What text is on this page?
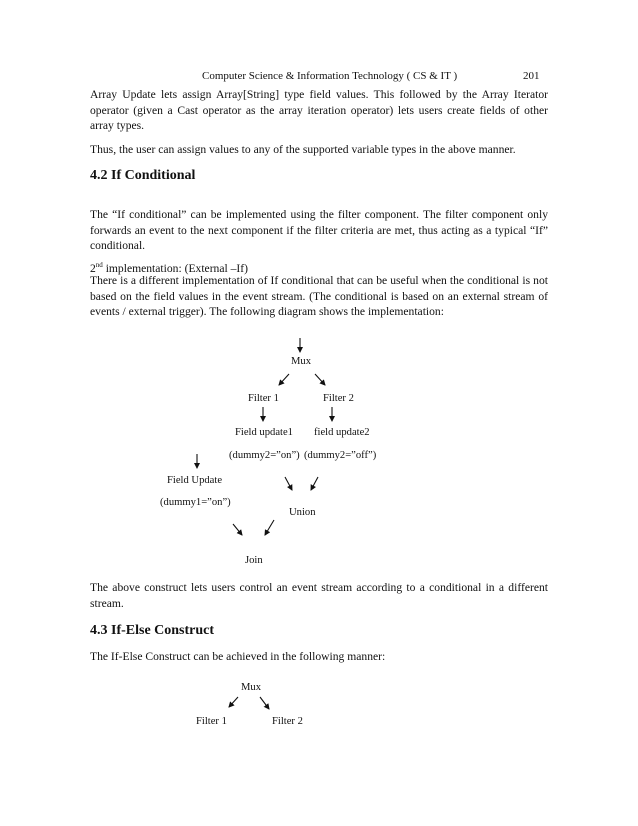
Computer Science & Information Technology ( CS & IT )	201

Array Update lets assign Array[String] type field values. This followed by the Array Iterator operator (given a Cast operator as the array iteration operator) lets users create fields of other array types.

Thus, the user can assign values to any of the supported variable types in the above manner.

4.2 If Conditional

The “If conditional” can be implemented using the filter component. The filter component only forwards an event to the next component if the filter criteria are met, thus acting as a typical “If” conditional.

2nd implementation: (External –If)

There is a different implementation of If conditional that can be useful when the conditional is not based on the field values in the event stream. (The conditional is based on an external stream of events / external trigger). The following diagram shows the implementation:

Mux
Filter 1	Filter 2
Field update1 field update2
(dummy2=”on”) (dummy2=”off”)
Field Update
(dummy1=”on”)
Union
Join

The above construct lets users control an event stream according to a conditional in a different stream.

4.3 If-Else Construct

The If-Else Construct can be achieved in the following manner:

Mux
Filter 1	Filter 2
